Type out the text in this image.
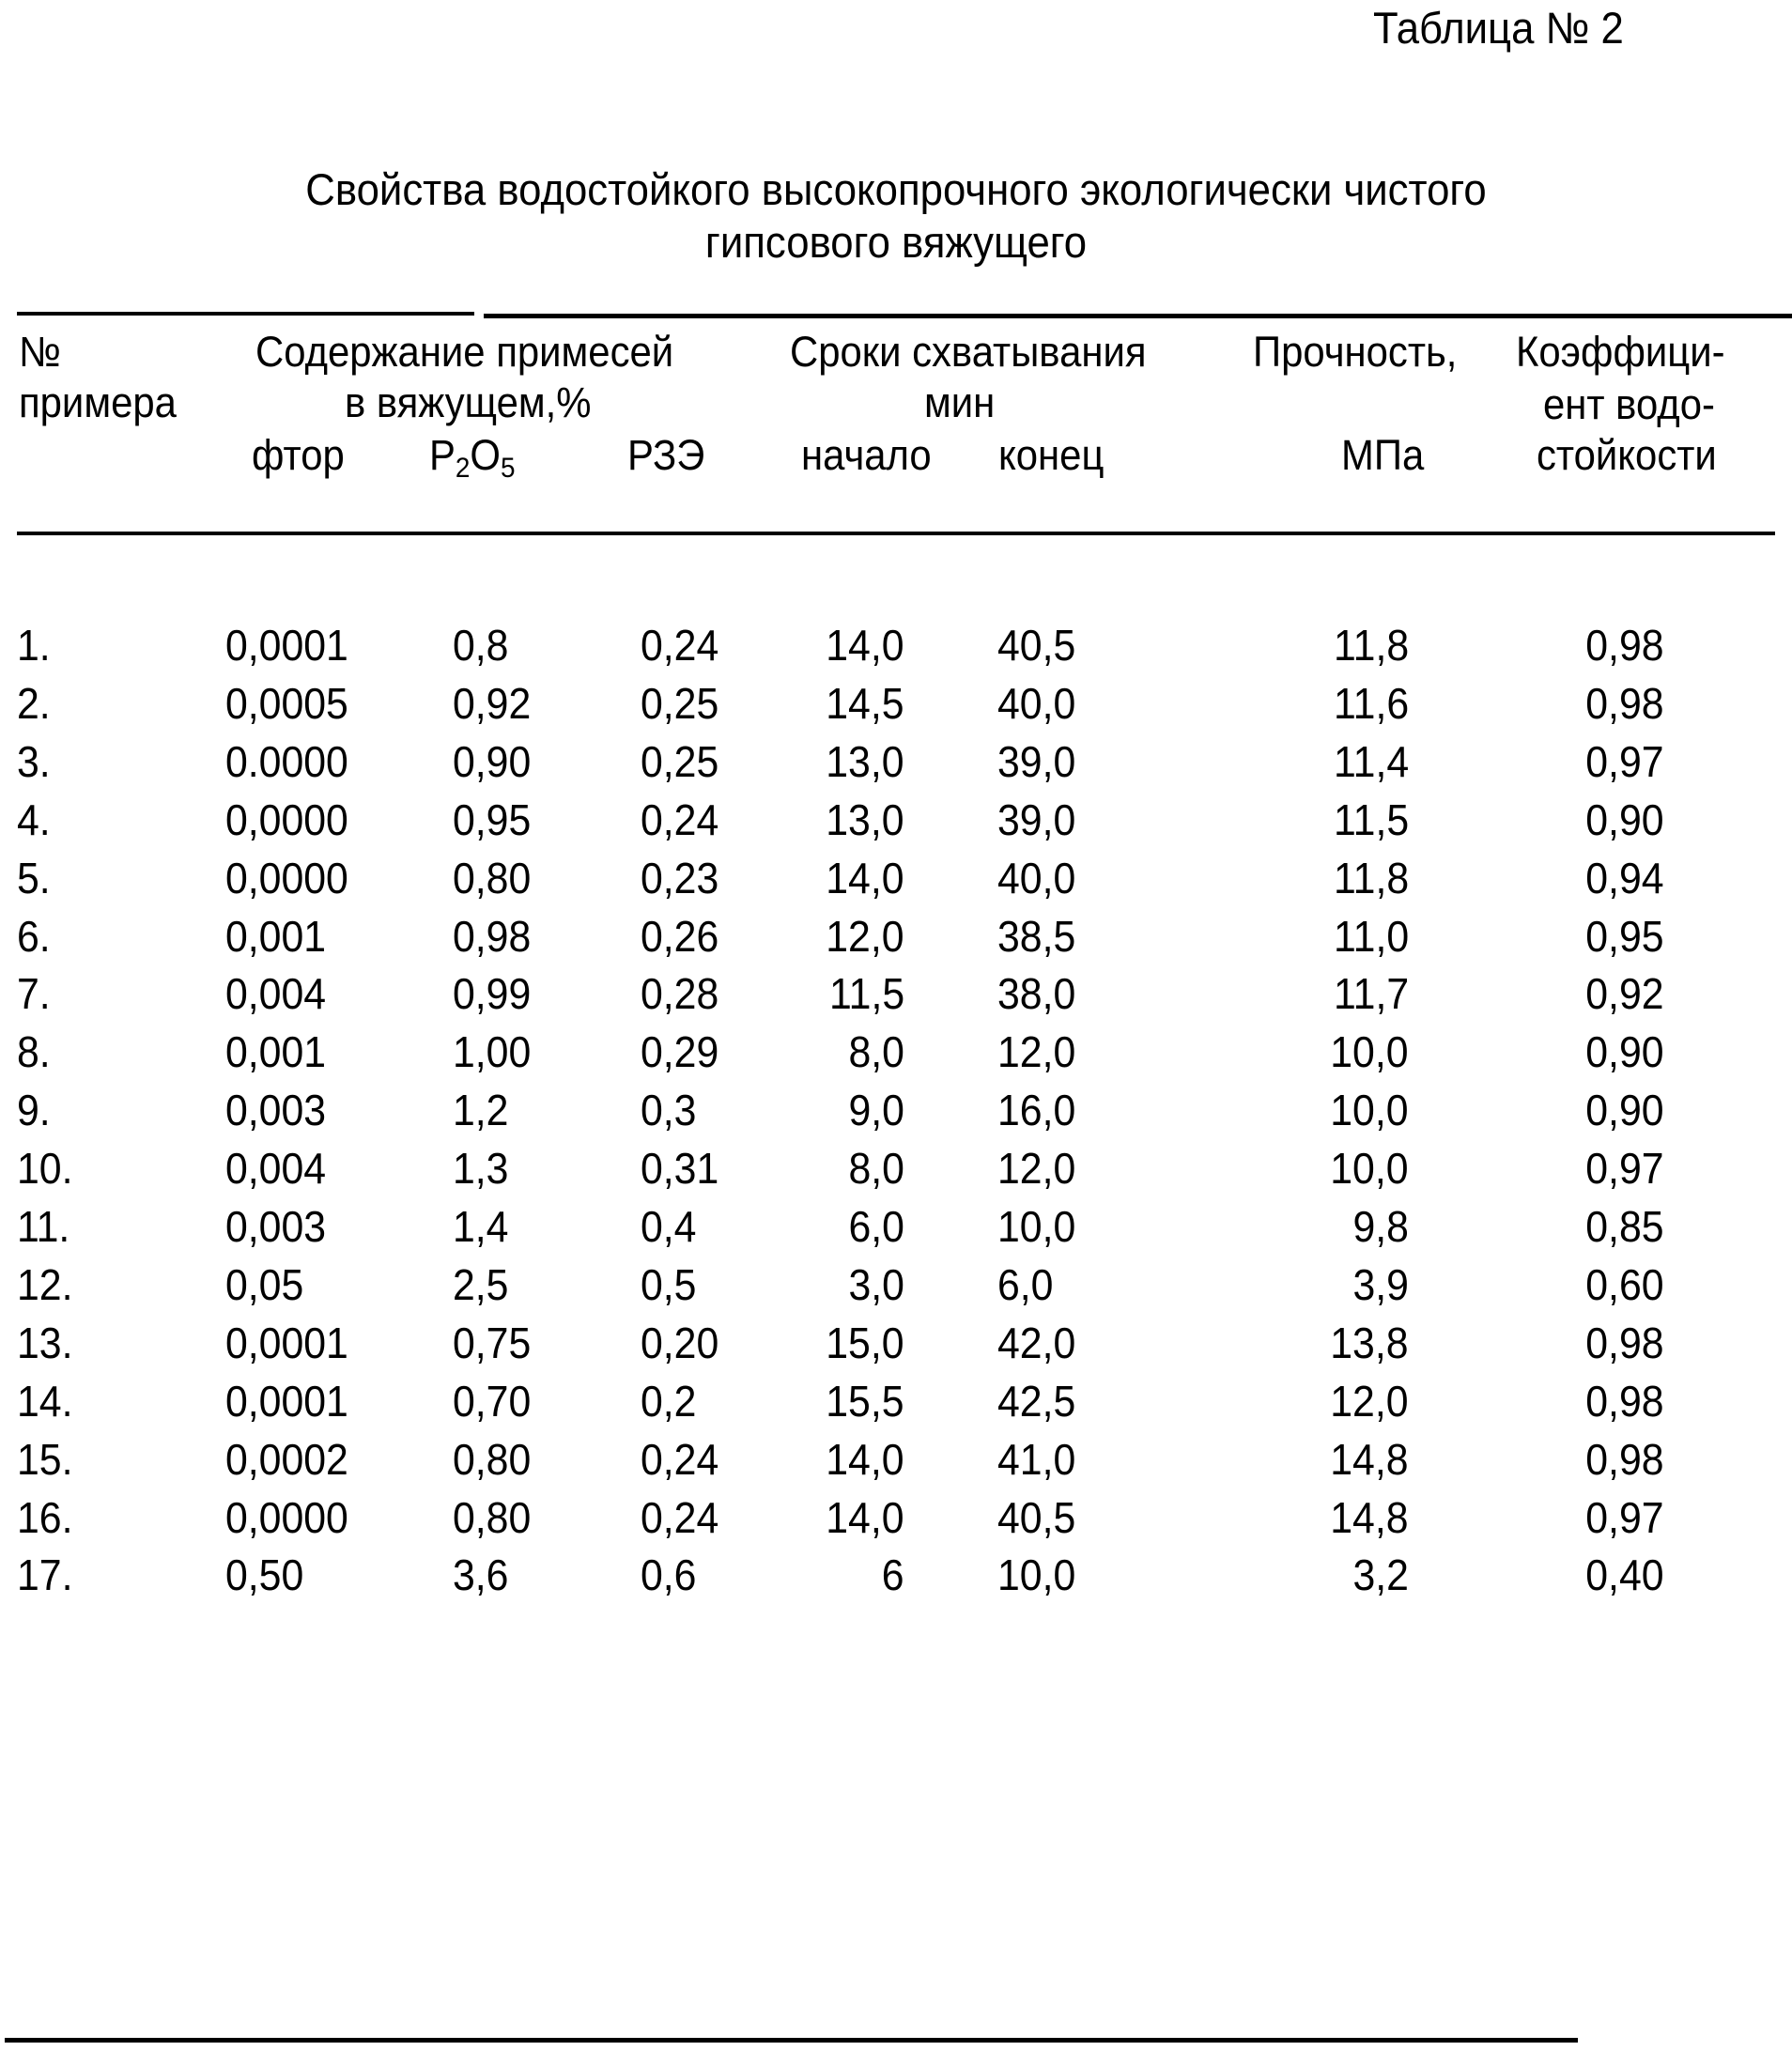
Таблица № 2
Свойства водостойкого высокопрочного экологически чистого
гипсового вяжущего
№
примера
Содержание примесей
в вяжущем,%
фтор P2O5	РЗЭ
Сроки схватывания
мин
начало конец
Прочность,
МПа
Коэффици-
ент водо-
стойкости
1.	0,0001 0,8	0,24 14,0 40,5	11,8	0,98
2.	0,0005 0,92	0,25 14,5 40,0	11,6	0,98
3.	0.0000 0,90	0,25 13,0 39,0	11,4	0,97
4.	0,0000 0,95	0,24 13,0 39,0	11,5	0,90
5.	0,0000 0,80	0,23 14,0 40,0	11,8	0,94
6.	0,001	0,98	0,26 12,0 38,5	11,0	0,95
7.	0,004	0,99	0,28	11,5 38,0	11,7	0,92
8.	0,001	1,00	0,29	8,0 12,0	10,0	0,90
9.	0,003	1,2	0,3	9,0 16,0	10,0	0,90
10.	0,004	1,3	0,31	8,0 12,0	10,0	0,97
11.	0,003	1,4	0,4	6,0 10,0	9,8	0,85
12.	0,05	2,5	0,5	3,0 6,0	3,9	0,60
13.	0,0001 0,75	0,20 15,0 42,0	13,8	0,98
14.	0,0001 0,70	0,2	15,5 42,5	12,0	0,98
15.	0,0002 0,80	0,24 14,0 41,0	14,8	0,98
16.	0,0000 0,80	0,24 14,0 40,5	14,8	0,97
17.	0,50	3,6	0,6	6 10,0	3,2	0,40
